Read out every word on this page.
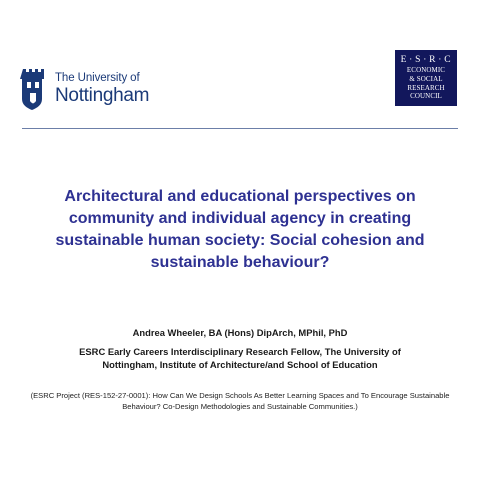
The University of
Nottingham
E·S·R·C
ECONOMIC
& SOCIAL
RESEARCH
COUNCIL
Architectural and educational perspectives on community and individual agency in creating sustainable human society: Social cohesion and sustainable behaviour?
Andrea Wheeler, BA (Hons) DipArch, MPhil, PhD
ESRC Early Careers Interdisciplinary Research Fellow, The University of Nottingham, Institute of Architecture/and School of Education
(ESRC Project (RES-152-27-0001): How Can We Design Schools As Better Learning Spaces and To Encourage Sustainable Behaviour? Co-Design Methodologies and Sustainable Communities.)
